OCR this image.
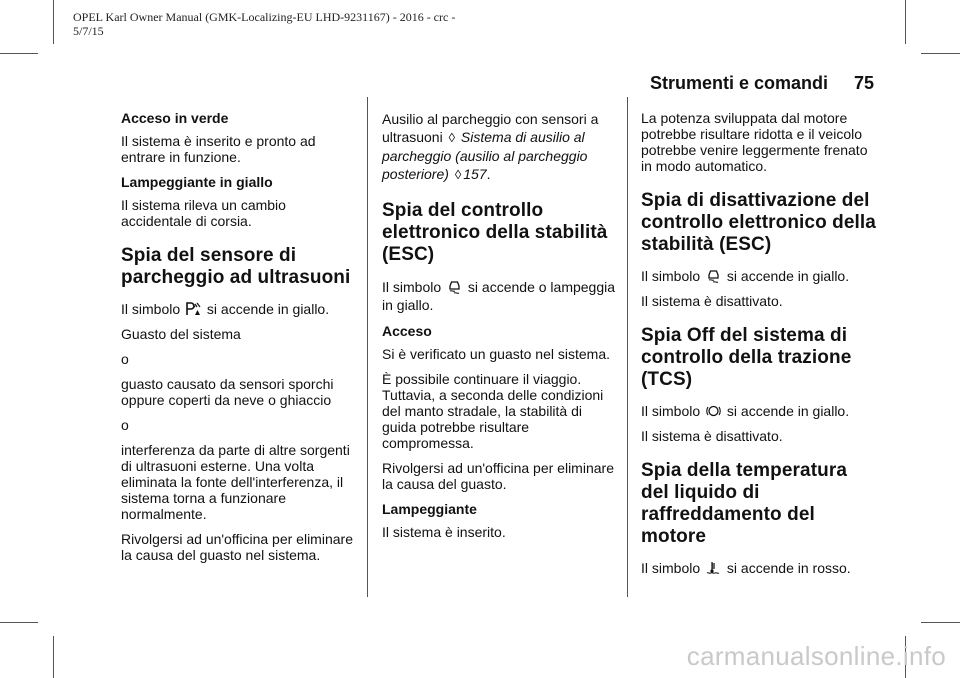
OPEL Karl Owner Manual (GMK-Localizing-EU LHD-9231167) - 2016 - crc -
5/7/15
Strumenti e comandi 75

Acceso in verde

Il sistema è inserito e pronto ad entrare in funzione.

Lampeggiante in giallo

Il sistema rileva un cambio accidentale di corsia.

Spia del sensore di parcheggio ad ultrasuoni

Il simbolo si accende in giallo.

Guasto del sistema

o

guasto causato da sensori sporchi oppure coperti da neve o ghiaccio

o

interferenza da parte di altre sorgenti di ultrasuoni esterne. Una volta eliminata la fonte dell'interferenza, il sistema torna a funzionare normalmente.

Rivolgersi ad un'officina per eliminare la causa del guasto nel sistema.

Ausilio al parcheggio con sensori a ultrasuoni ◊ Sistema di ausilio al parcheggio (ausilio al parcheggio posteriore) ◊ 157.

Spia del controllo elettronico della stabilità (ESC)

Il simbolo si accende o lampeggia in giallo.

Acceso

Si è verificato un guasto nel sistema.

È possibile continuare il viaggio. Tuttavia, a seconda delle condizioni del manto stradale, la stabilità di guida potrebbe risultare compromessa.

Rivolgersi ad un'officina per eliminare la causa del guasto.

Lampeggiante

Il sistema è inserito.

La potenza sviluppata dal motore potrebbe risultare ridotta e il veicolo potrebbe venire leggermente frenato in modo automatico.

Spia di disattivazione del controllo elettronico della stabilità (ESC)

Il simbolo si accende in giallo.

Il sistema è disattivato.

Spia Off del sistema di controllo della trazione (TCS)

Il simbolo si accende in giallo.

Il sistema è disattivato.

Spia della temperatura del liquido di raffreddamento del motore

Il simbolo si accende in rosso.

carmanualsonline.info
